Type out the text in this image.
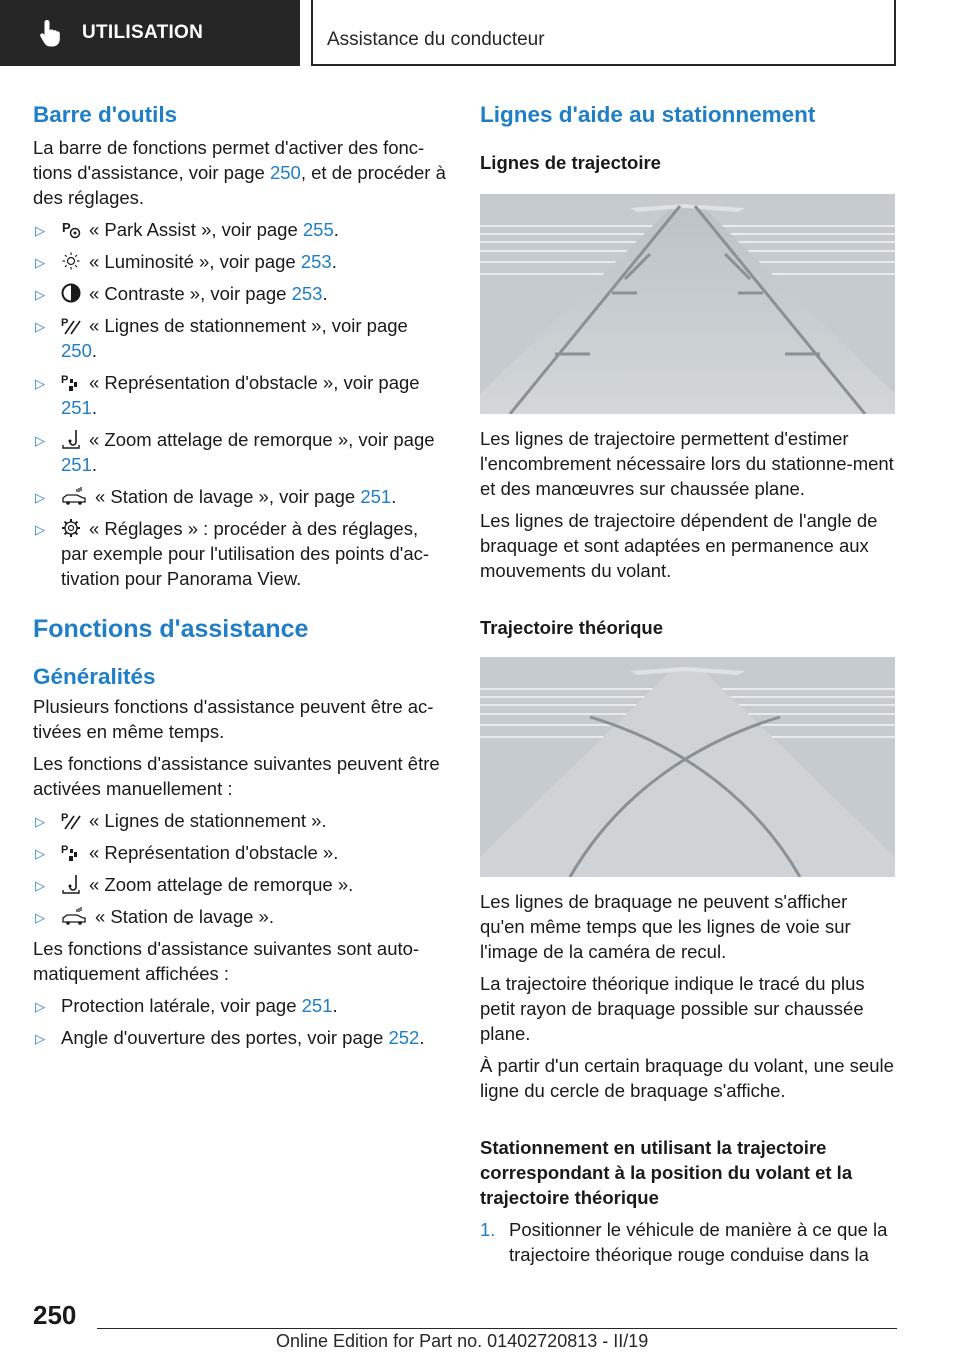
UTILISATION	Assistance du conducteur
Barre d'outils

La barre de fonctions permet d'activer des fonc-tions d'assistance, voir page 250, et de procéder à des réglages.

▷ P « Park Assist », voir page 255.
▷ « Luminosité », voir page 253.
▷ « Contraste », voir page 253.
▷ P « Lignes de stationnement », voir page 250.
▷ P « Représentation d'obstacle », voir page 251.
▷ « Zoom attelage de remorque », voir page 251.
▷	« Station de lavage », voir page 251.
▷ « Réglages » : procéder à des réglages, par exemple pour l'utilisation des points d'ac-tivation pour Panorama View.
Fonctions d'assistance
Généralités

Plusieurs fonctions d'assistance peuvent être ac-tivées en même temps.

Les fonctions d'assistance suivantes peuvent être activées manuellement :

▷ P « Lignes de stationnement ».
▷ P « Représentation d'obstacle ».
▷ « Zoom attelage de remorque ».
▷	« Station de lavage ».

Les fonctions d'assistance suivantes sont auto-matiquement affichées :

▷ Protection latérale, voir page 251.
▷ Angle d'ouverture des portes, voir page 252.
Lignes d'aide au stationnement
Lignes de trajectoire

Les lignes de trajectoire permettent d'estimer l'encombrement nécessaire lors du stationne-ment et des manœuvres sur chaussée plane.

Les lignes de trajectoire dépendent de l'angle de braquage et sont adaptées en permanence aux mouvements du volant.

Trajectoire théorique

Les lignes de braquage ne peuvent s'afficher qu'en même temps que les lignes de voie sur l'image de la caméra de recul.

La trajectoire théorique indique le tracé du plus petit rayon de braquage possible sur chaussée plane.

À partir d'un certain braquage du volant, une seule ligne du cercle de braquage s'affiche.

Stationnement en utilisant la trajectoire correspondant à la position du volant et la trajectoire théorique
1. Positionner le véhicule de manière à ce que la trajectoire théorique rouge conduise dans la
250
Online Edition for Part no. 01402720813 - II/19
